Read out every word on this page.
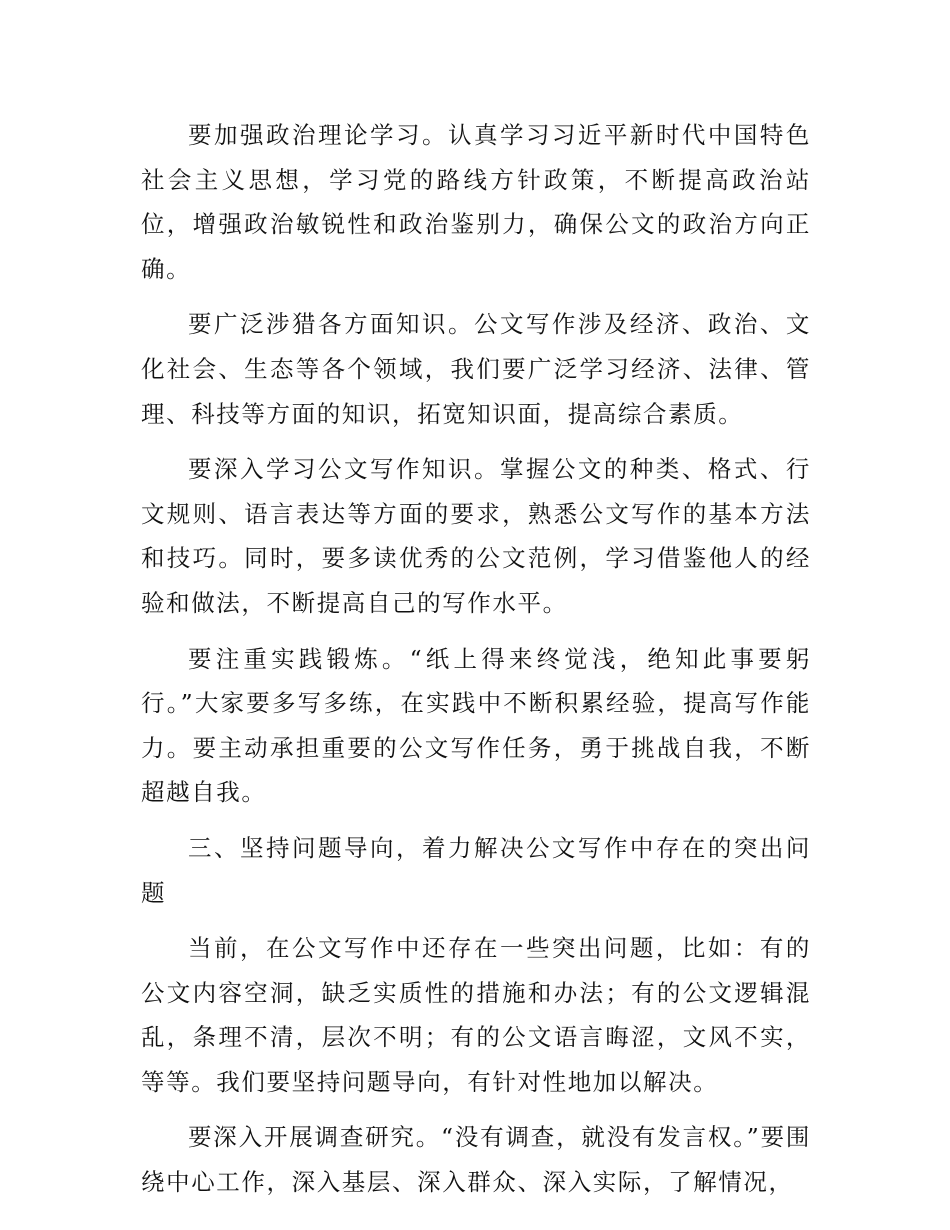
要加强政治理论学习。认真学习习近平新时代中国特色社会主义思想，学习党的路线方针政策，不断提高政治站位，增强政治敏锐性和政治鉴别力，确保公文的政治方向正确。

要广泛涉猎各方面知识。公文写作涉及经济、政治、文化社会、生态等各个领域，我们要广泛学习经济、法律、管理、科技等方面的知识，拓宽知识面，提高综合素质。

要深入学习公文写作知识。掌握公文的种类、格式、行文规则、语言表达等方面的要求，熟悉公文写作的基本方法和技巧。同时，要多读优秀的公文范例，学习借鉴他人的经验和做法，不断提高自己的写作水平。

要注重实践锻炼。“纸上得来终觉浅，绝知此事要躬行。”大家要多写多练，在实践中不断积累经验，提高写作能力。要主动承担重要的公文写作任务，勇于挑战自我，不断超越自我。

三、坚持问题导向，着力解决公文写作中存在的突出问题

当前，在公文写作中还存在一些突出问题，比如：有的公文内容空洞，缺乏实质性的措施和办法；有的公文逻辑混乱，条理不清，层次不明；有的公文语言晦涩，文风不实，等等。我们要坚持问题导向，有针对性地加以解决。

要深入开展调查研究。“没有调查，就没有发言权。”要围绕中心工作，深入基层、深入群众、深入实际，了解情况，
